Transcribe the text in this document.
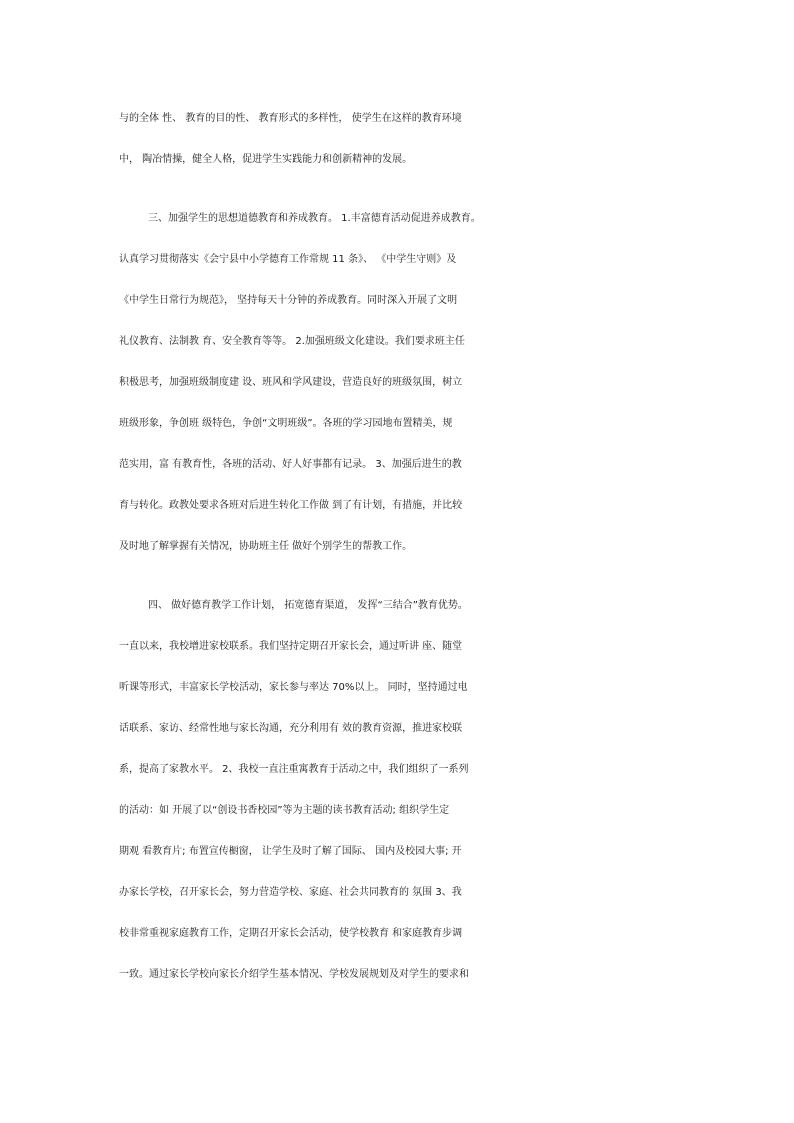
与的全体 性、 教育的目的性、 教育形式的多样性， 使学生在这样的教育环境
中， 陶冶情操，健全人格，促进学生实践能力和创新精神的发展。
三、加强学生的思想道德教育和养成教育。 1.丰富德育活动促进养成教育。
认真学习贯彻落实《会宁县中小学德育工作常规 11 条》、 《中学生守则》及
《中学生日常行为规范》， 坚持每天十分钟的养成教育。同时深入开展了文明
礼仪教育、法制教 育、安全教育等等。 2.加强班级文化建设。我们要求班主任
积极思考，加强班级制度建 设、班风和学风建设，营造良好的班级氛围，树立
班级形象，争创班 级特色，争创“文明班级”。各班的学习园地布置精美，规
范实用，富 有教育性，各班的活动、好人好事都有记录。 3、加强后进生的教
育与转化。政教处要求各班对后进生转化工作做 到了有计划，有措施，并比较
及时地了解掌握有关情况，协助班主任 做好个别学生的帮教工作。
四、 做好德育教学工作计划， 拓宽德育渠道， 发挥“三结合”教育优势。
一直以来，我校增进家校联系。我们坚持定期召开家长会，通过听讲 座、随堂
听课等形式，丰富家长学校活动，家长参与率达 70%以上。 同时，坚持通过电
话联系、家访、经常性地与家长沟通，充分利用有 效的教育资源，推进家校联
系，提高了家教水平。 2、我校一直注重寓教育于活动之中，我们组织了一系列
的活动：如 开展了以“创设书香校园”等为主题的读书教育活动; 组织学生定
期观 看教育片; 布置宣传橱窗， 让学生及时了解了国际、 国内及校园大事; 开
办家长学校，召开家长会，努力营造学校、家庭、社会共同教育的 氛围 3、我
校非常重视家庭教育工作，定期召开家长会活动，使学校教育 和家庭教育步调
一致。通过家长学校向家长介绍学生基本情况、学校发展规划及对学生的要求和
